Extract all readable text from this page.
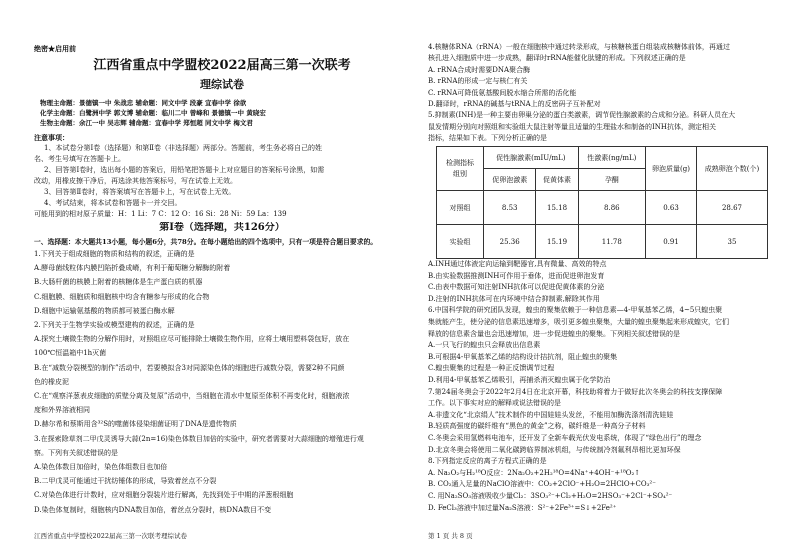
绝密★启用前
江西省重点中学盟校2022届高三第一次联考
理综试卷
物理主命题：景德镇一中 朱战忠 辅命题：同文中学 段豪 宜春中学 徐欲
化学主命题：白鹭洲中学 郭文博 辅命题：临川二中 曾峰和 景德镇一中 黄晓宏
生物主命题：余江一中 吴志辉 辅命题：宜春中学 郑恒超 同文中学 梅文君
注意事项：
1、本试卷分第Ⅰ卷（选择题）和第Ⅱ卷（非选择题）两部分。答题前，考生务必将自己的姓
名、考生号填写在答题卡上。
2、回答第Ⅰ卷时，选出每小题的答案后，用铅笔把答题卡上对应题目的答案标号涂黑，如需
改动，用橡皮擦干净后，再选涂其他答案标号，写在试卷上无效。
3、回答第Ⅱ卷时，将答案填写在答题卡上，写在试卷上无效。
4、考试结束，将本试卷和答题卡一并交回。
可能用到的相对原子质量：H：1 Li：7 C：12 O：16 Si：28 Ni：59 La：139
第Ⅰ卷（选择题，共126分）
一、选择题：本大题共13小题，每小题6分，共78分。在每小题给出的四个选项中，只有一项是符合题目要求的。
1.下列关于组成细胞的物质和结构的叙述，正确的是
A.酵母菌线粒体内膜凹陷折叠成嵴，有利于葡萄糖分解酶的附着
B.大肠杆菌的核膜上附着的核糖体是生产蛋白质的机器
C.细胞膜、细胞质和细胞核中均含有糖参与形成的化合物
D.细胞中运输氨基酸的物质都可被蛋白酶水解
2.下列关于生物学实验或模型建构的叙述，正确的是
A.探究土壤微生物的分解作用时，对照组应尽可能排除土壤微生物作用，应将土壤用塑料袋包好，放在
100℃恒温箱中1h灭菌
B.在“减数分裂模型的制作”活动中，若要模拟含3对同源染色体的细胞进行减数分裂，需要2种不同颜
色的橡皮泥
C.在“观察洋葱表皮细胞的质壁分离及复原”活动中，当细胞在清水中复原至体积不再变化时，细胞液浓
度和外界溶液相同
D.赫尔希和蔡斯用含³²S的噬菌体侵染细菌证明了DNA是遗传物质
3.在探索除草剂二甲戊灵诱导大蒜(2n=16)染色体数目加倍的实验中，研究者需要对大蒜细胞的增殖进行观
察。下列有关叙述错误的是
A.染色体数目加倍时，染色体组数目也加倍
B.二甲戊灵可能通过干扰纺锤体的形成，导致着丝点不分裂
C.对染色体进行计数时，应对细胞分裂装片进行解离，先找到处于中期的洋葱根细胞
D.染色体复制时，细胞核内DNA数目加倍，着丝点分裂时，核DNA数目不变
江西省重点中学盟校2022届高三第一次联考理综试卷
4.核糖体RNA（rRNA）一般在细胞核中通过转录形成，与核糖核蛋白组装成核糖体前体，再通过
核孔进入细胞质中进一步成熟，翻译时rRNA能催化肽键的形成。下列叙述正确的是
A. rRNA合成时需要DNA聚合酶
B. rRNA的形成一定与核仁有关
C. rRNA可降低氨基酸间脱水缩合所需的活化能
D.翻译时，rRNA的碱基与tRNA上的反密码子互补配对
5.抑制素(INH)是一种主要由卵巢分泌的蛋白类激素，调节促性腺激素的合成和分泌。科研人员在大
鼠发情期分别向对照组和实验组大鼠注射等量且适量的生理盐水和制备的INH抗体，测定相关
指标，结果如下表。下列分析正确的是
检测指标
组别	促性腺激素(mIU/mL)		性激素(ng/mL)	卵泡质量(g)	成熟卵泡个数(个)
	促卵泡激素	促黄体素	孕酮		
对照组	8.53	15.18	8.86	0.63	28.67
实验组	25.36	15.19	11.78	0.91	35
A.INH通过体液定向运输到靶器官,具有微量、高效的特点
B.由实验数据推测INH可作用于垂体，进而促进卵泡发育
C.由表中数据可知注射INH抗体可以促进促黄体素的分泌
D.注射的INH抗体可在内环境中结合抑制素,解除其作用
6.中国科学院的研究团队发现，蝗虫的聚集依赖于一种信息素—4-甲氧基苯乙烯，4~5只蝗虫聚
集就能产生，使分泌的信息素迅速增多，吸引更多蝗虫聚集，大量的蝗虫聚集起来形成蝗灾，它们
释放的信息素含量也会迅速增加，进一步促进蝗虫的聚集。下列相关叙述错误的是
A.一只飞行的蝗虫只会释放出信息素
B.可根据4-甲氧基苯乙烯的结构设计拮抗剂，阻止蝗虫的聚集
C.蝗虫聚集的过程是一种正反馈调节过程
D.利用4-甲氧基苯乙烯吸引，再捕杀消灭蝗虫属于化学防治
7.第24届冬奥会于2022年2月4日在北京开幕，科技助将着力于做好此次冬奥会的科技支撑保障
工作。以下事实对应的解释或说法错误的是
A.非遗文化“北京绢人”技术制作的中国娃娃头发丝，不能用加酶洗涤剂清洗娃娃
B.轻质高强度的碳纤维有“黑色的黄金”之称，碳纤维是一种高分子材料
C.冬奥会采用氢燃料电池车，还开发了全新车载光伏发电系统，体现了“绿色出行”的理念
D.北京冬奥会将使用二氧化碳跨临界制冰机组，与传统制冷剂氟利昂相比更加环保
8.下列指定反应的离子方程式正确的是
A. Na₂O₂与H₂¹⁸O反应：2Na₂O₂+2H₂¹⁸O=4Na⁺+4OH⁻+¹⁸O₂↑
B. CO₂通入足量的NaClO溶液中：CO₂+2ClO⁻+H₂O=2HClO+CO₃²⁻
C. 用Na₂SO₃溶液吸收少量Cl₂：3SO₃²⁻+Cl₂+H₂O=2HSO₃⁻+2Cl⁻+SO₄²⁻
D. FeCl₃溶液中加过量Na₂S溶液：S²⁻+2Fe³⁺=S↓+2Fe²⁺
第 1 页 共 8 页
